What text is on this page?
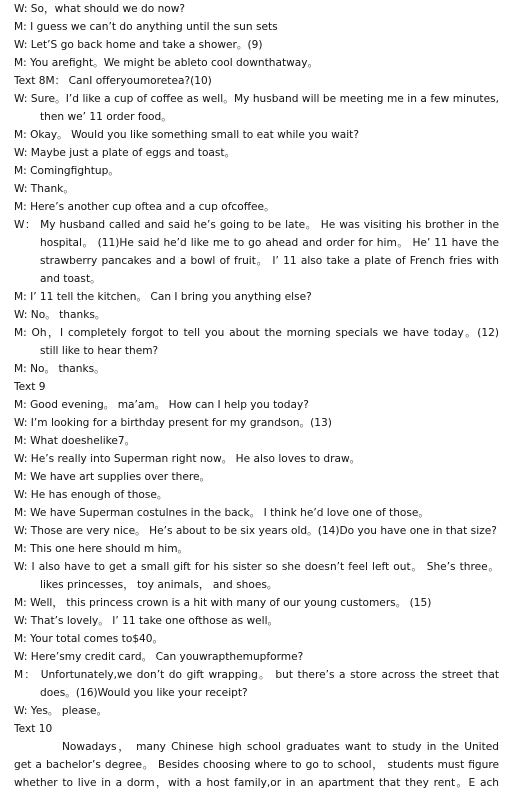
W: So，what should we do now?
M: I guess we can’t do anything until the sun sets
W: Let’S go back home and take a shower。(9)
M: You arefight。We might be ableto cool downthatway。
Text 8M： CanI offeryoumoretea?(10)
W: Sure。I’d like a cup of coffee as well。My husband will be meeting me in a few minutes,
then we’ 11 order food。
M: Okay。 Would you like something small to eat while you wait?
W: Maybe just a plate of eggs and toast。
M: Comingfightup。
W: Thank。
M: Here’s another cup oftea and a cup ofcoffee。
W： My husband called and said he’s going to be late。 He was visiting his brother in the
hospital。 (11)He said he’d like me to go ahead and order for him。 He’ 11 have the
strawberry pancakes and a bowl of fruit。 I’ 11 also take a plate of French fries with
and toast。
M: I’ 11 tell the kitchen。 Can I bring you anything else?
W: No。 thanks。
M: Oh，I completely forgot to tell you about the morning specials we have today。(12)
still like to hear them?
M: No。 thanks。
Text 9
M: Good evening。 ma’am。 How can I help you today?
W: I’m looking for a birthday present for my grandson。(13)
M: What doeshelike7。
W: He’s really into Superman right now。 He also loves to draw。
M: We have art supplies over there。
W: He has enough of those。
M: We have Superman costulnes in the back。 I think he’d love one of those。
W: Those are very nice。 He’s about to be six years old。(14)Do you have one in that size?
M: This one here should m him。
W: I also have to get a small gift for his sister so she doesn’t feel left out。 She’s three。
likes princesses， toy animals， and shoes。
M: Well， this princess crown is a hit with many of our young customers。 (15)
W: That’s lovely。 I’ 11 take one ofthose as well。
M: Your total comes to$40。
W: Here’smy credit card。 Can youwrapthemupforme?
M： Unfortunately,we don’t do gift wrapping。 but there’s a store across the street that
does。(16)Would you like your receipt?
W: Yes。 please。
Text 10
Nowadays， many Chinese high school graduates want to study in the United
get a bachelor’s degree。 Besides choosing where to go to school， students must figure
whether to live in a dorm，with a host family,or in an apartment that they rent。E ach
